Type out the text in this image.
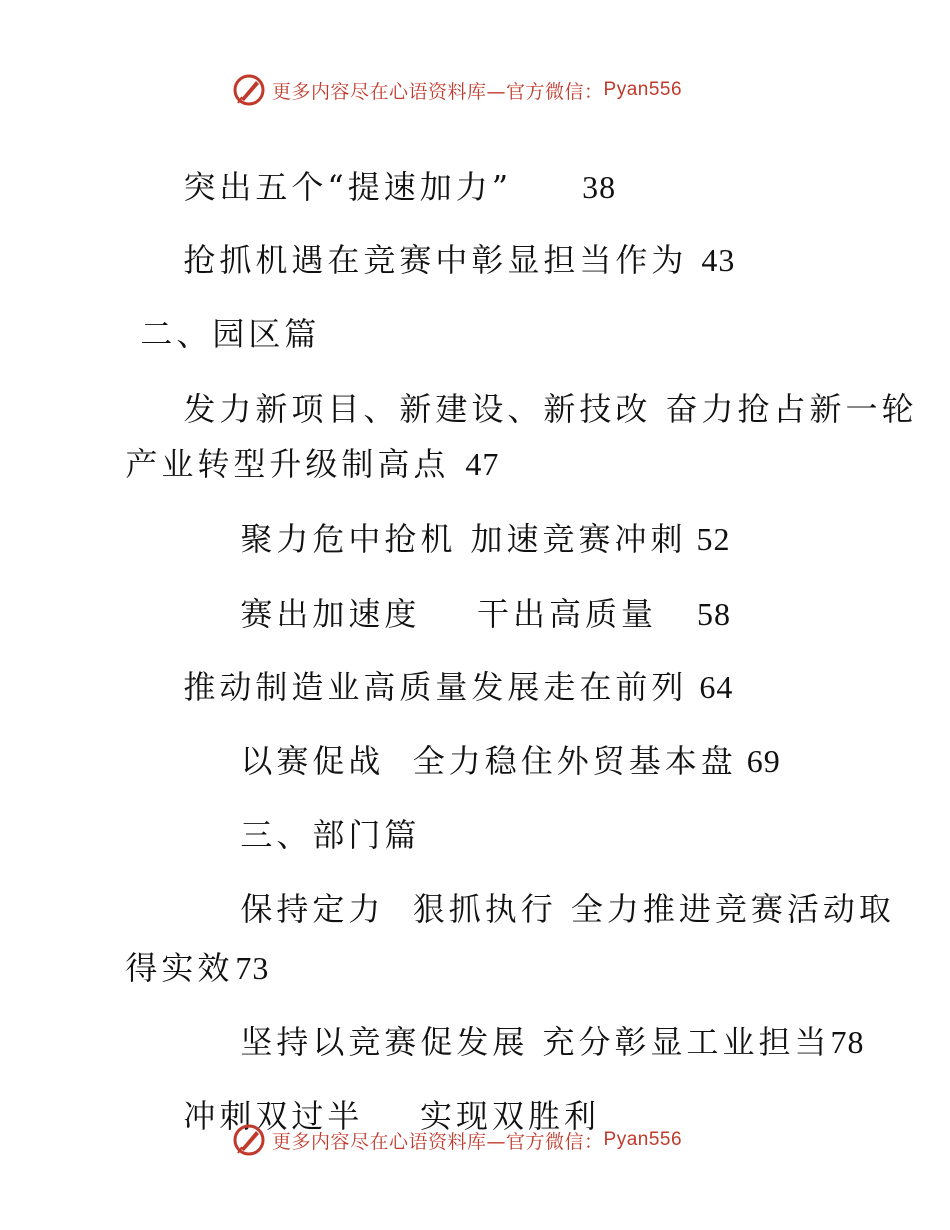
更多内容尽在心语资料库—官方微信： Pyan556

突出五个“提速加力” 38

抢抓机遇在竞赛中彰显担当作为 43

二、园区篇

发力新项目、新建设、新技改 奋力抢占新一轮

产业转型升级制高点 47

聚力危中抢机 加速竞赛冲刺 52

赛出加速度    干出高质量 58

推动制造业高质量发展走在前列 64

以赛促战  全力稳住外贸基本盘 69

三、部门篇

保持定力  狠抓执行 全力推进竞赛活动取

得实效73

坚持以竞赛促发展 充分彰显工业担当78

冲刺双过半    实现双胜利

更多内容尽在心语资料库—官方微信： Pyan556
